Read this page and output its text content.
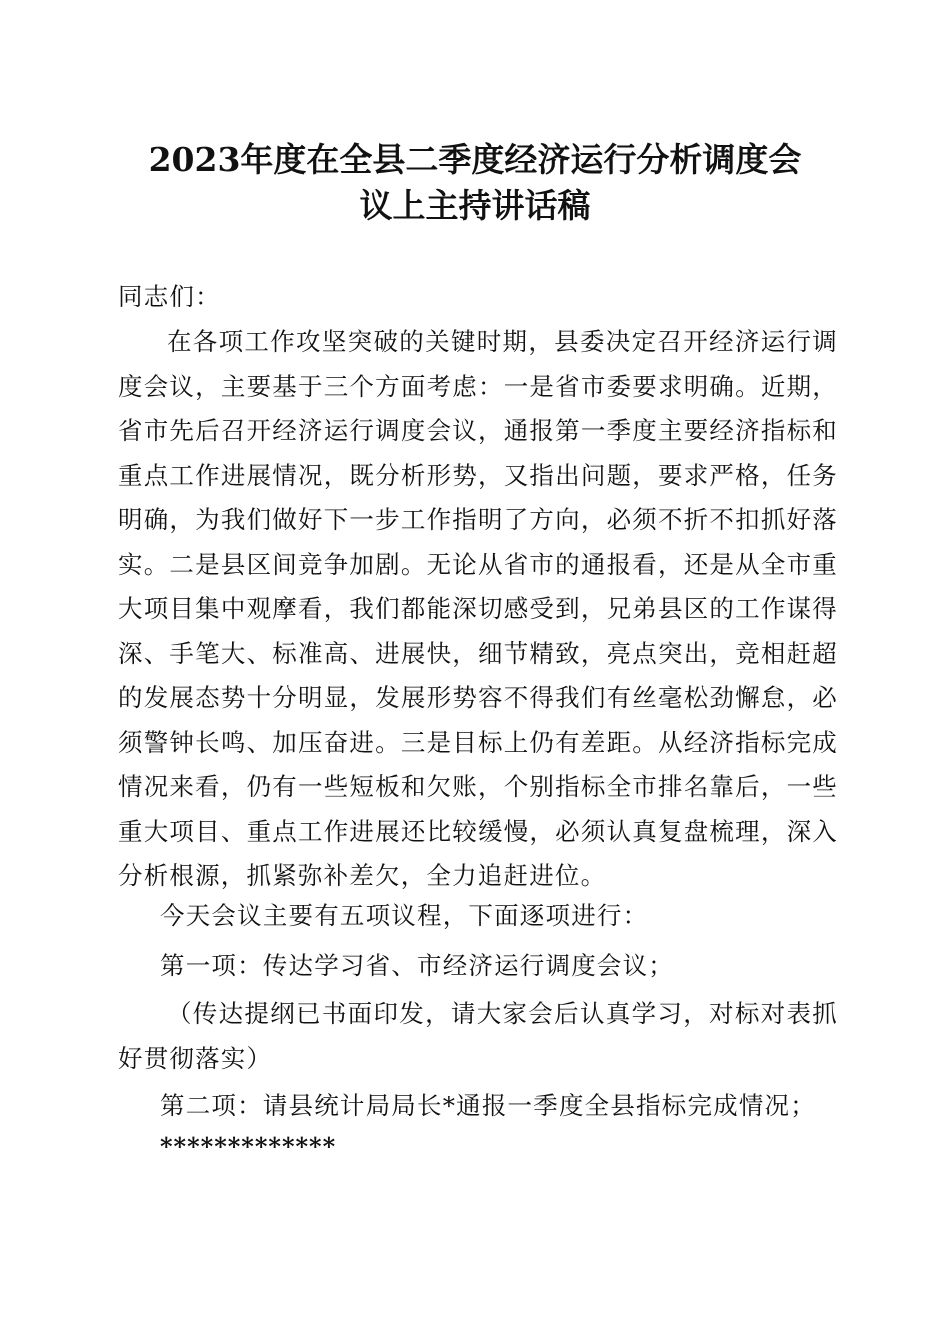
2023年度在全县二季度经济运行分析调度会
议上主持讲话稿
同志们：
在各项工作攻坚突破的关键时期，县委决定召开经济运行调度会议，主要基于三个方面考虑：一是省市委要求明确。近期，省市先后召开经济运行调度会议，通报第一季度主要经济指标和重点工作进展情况，既分析形势，又指出问题，要求严格，任务明确，为我们做好下一步工作指明了方向，必须不折不扣抓好落实。二是县区间竞争加剧。无论从省市的通报看，还是从全市重大项目集中观摩看，我们都能深切感受到，兄弟县区的工作谋得深、手笔大、标准高、进展快，细节精致，亮点突出，竞相赶超的发展态势十分明显，发展形势容不得我们有丝毫松劲懈怠，必须警钟长鸣、加压奋进。三是目标上仍有差距。从经济指标完成情况来看，仍有一些短板和欠账，个别指标全市排名靠后，一些重大项目、重点工作进展还比较缓慢，必须认真复盘梳理，深入分析根源，抓紧弥补差欠，全力追赶进位。
今天会议主要有五项议程，下面逐项进行：
第一项：传达学习省、市经济运行调度会议；
（传达提纲已书面印发，请大家会后认真学习，对标对表抓好贯彻落实）
第二项：请县统计局局长*通报一季度全县指标完成情况；
*************
